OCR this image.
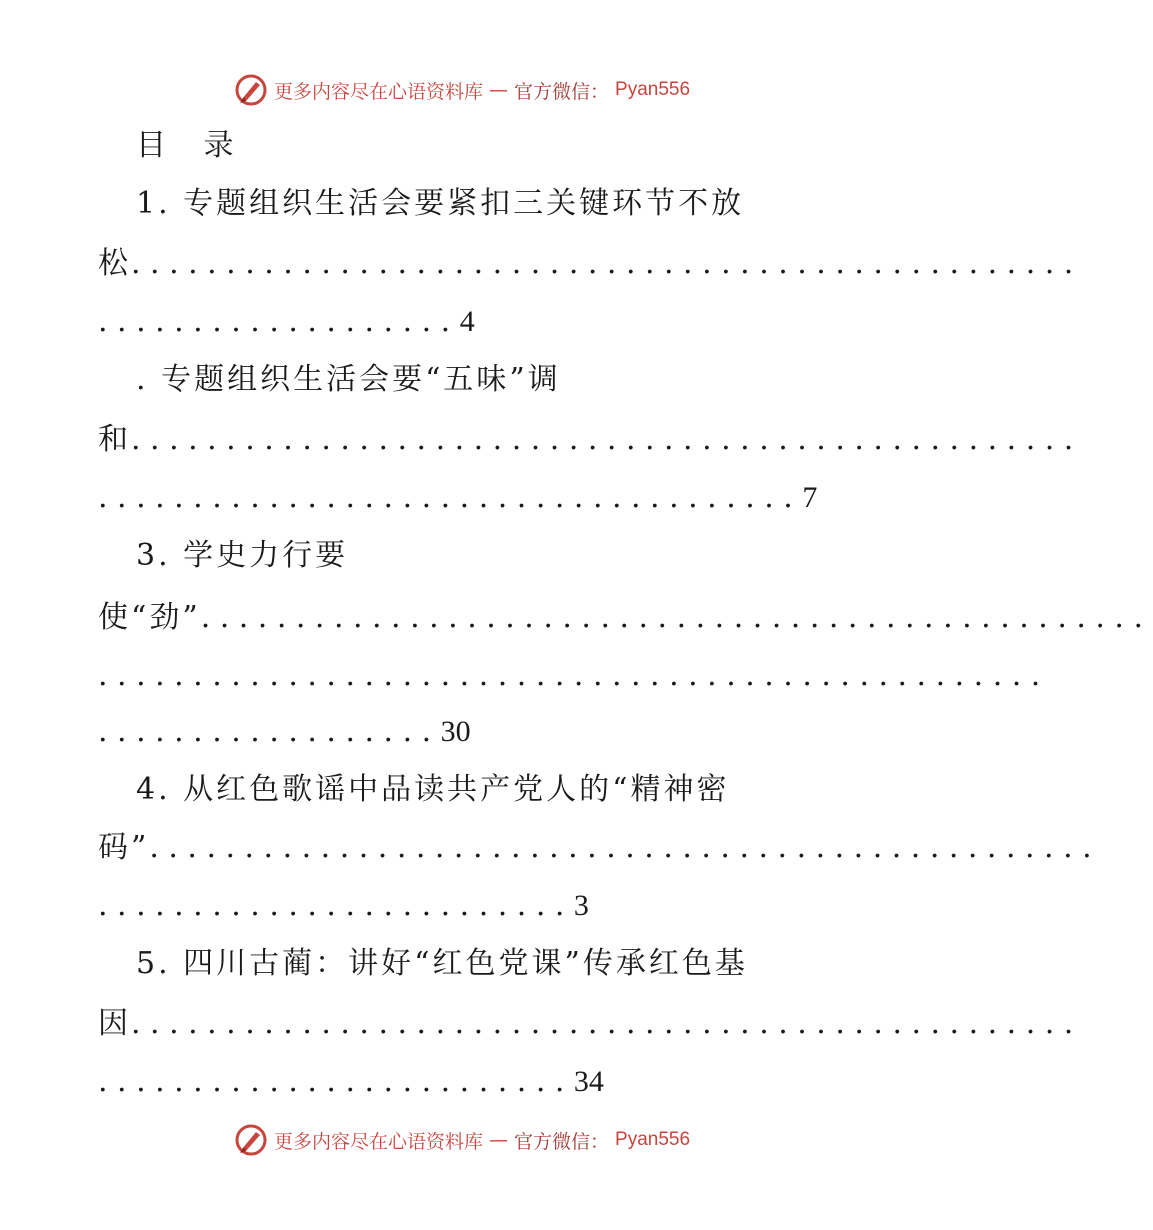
更多内容尽在心语资料库 — 官方微信： Pyan556
目 录
1. 专题组织生活会要紧扣三关键环节不放
松..................................................
...................4
. 专题组织生活会要“五味”调
和..................................................
.....................................7
3. 学史力行要
使“劲”..................................................
..................................................
..................30
4. 从红色歌谣中品读共产党人的“精神密
码”..................................................
.........................3
5. 四川古蔺：讲好“红色党课”传承红色基
因..................................................
.........................34
更多内容尽在心语资料库 — 官方微信： Pyan556
